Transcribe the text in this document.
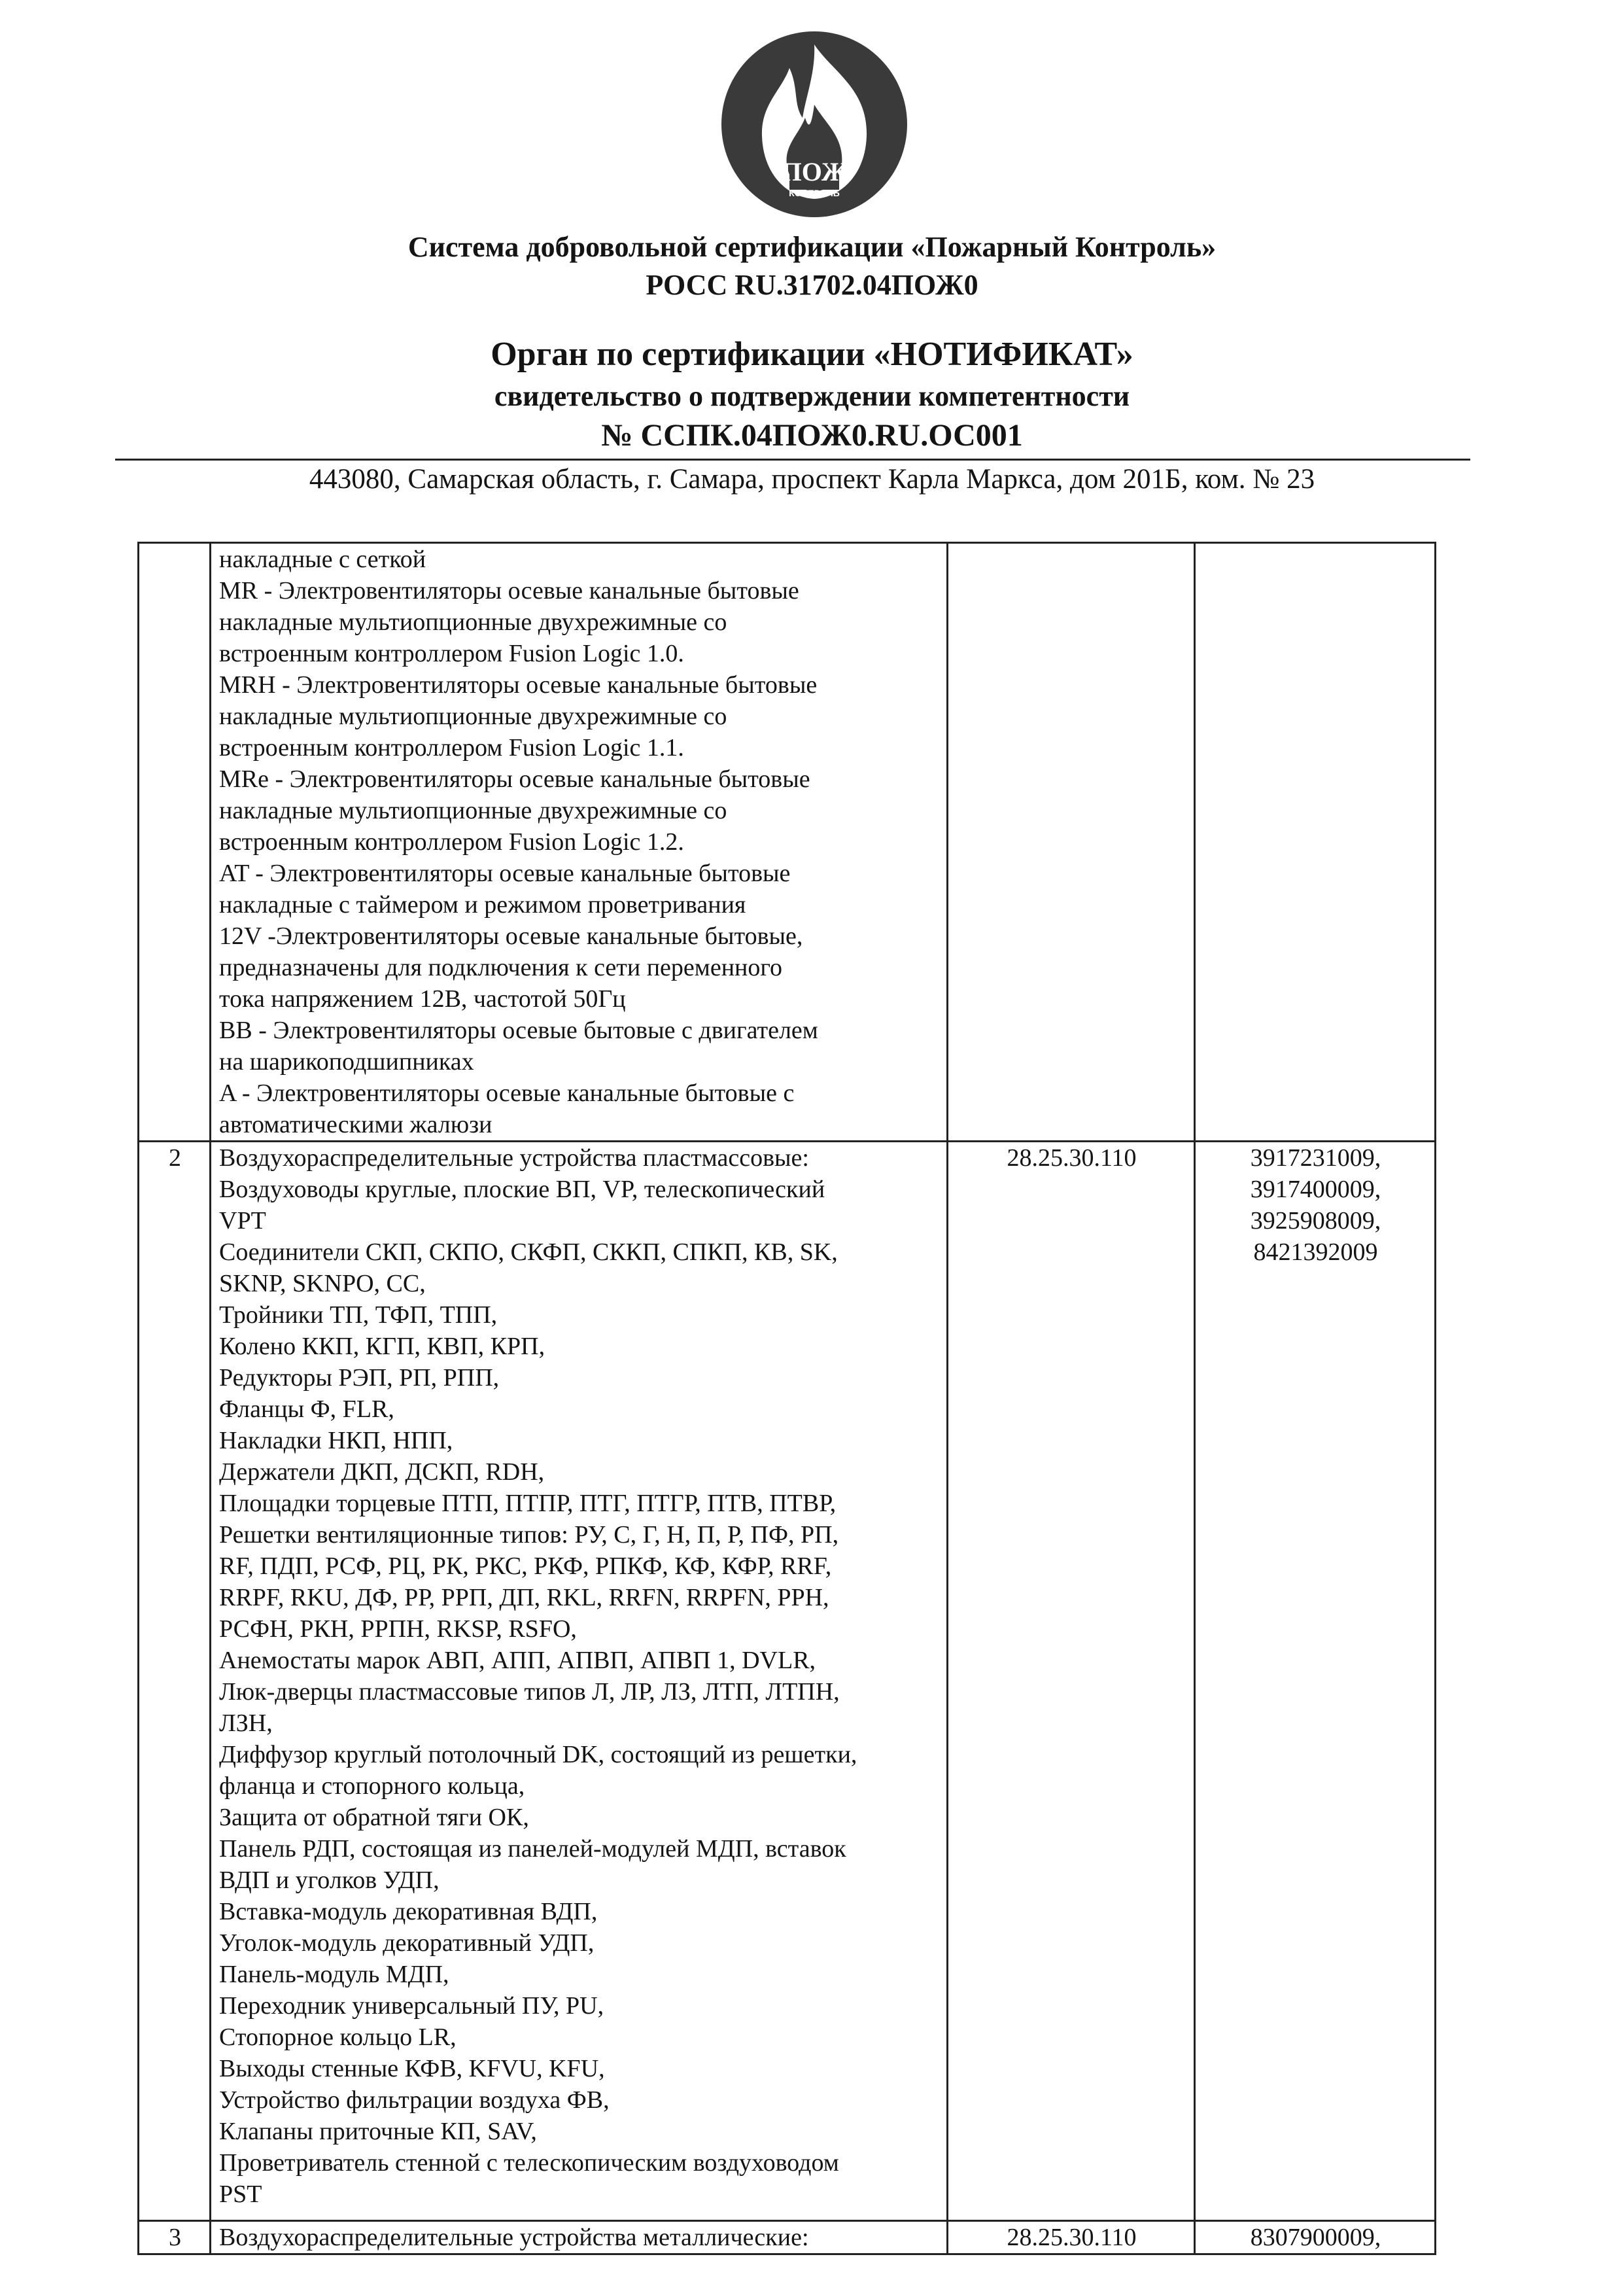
ПОЖ
КОНТРОЛЬ
Система добровольной сертификации «Пожарный Контроль»
РОСС RU.31702.04ПОЖ0
Орган по сертификации «НОТИФИКАТ»
свидетельство о подтверждении компетентности
№ ССПК.04ПОЖ0.RU.ОС001
443080, Самарская область, г. Самара, проспект Карла Маркса, дом 201Б, ком. № 23

накладные с сеткой
MR - Электровентиляторы осевые канальные бытовые
накладные мультиопционные двухрежимные со
встроенным контроллером Fusion Logic 1.0.
MRH - Электровентиляторы осевые канальные бытовые
накладные мультиопционные двухрежимные со
встроенным контроллером Fusion Logic 1.1.
MRe - Электровентиляторы осевые канальные бытовые
накладные мультиопционные двухрежимные со
встроенным контроллером Fusion Logic 1.2.
AT - Электровентиляторы осевые канальные бытовые
накладные с таймером и режимом проветривания
12V -Электровентиляторы осевые канальные бытовые,
предназначены для подключения к сети переменного
тока напряжением 12В, частотой 50Гц
BB - Электровентиляторы осевые бытовые с двигателем
на шарикоподшипниках
A - Электровентиляторы осевые канальные бытовые с
автоматическими жалюзи

2	Воздухораспределительные устройства пластмассовые:
Воздуховоды круглые, плоские ВП, VP, телескопический
VPT
Соединители СКП, СКПО, СКФП, СККП, СПКП, КВ, SK,
SKNP, SKNPO, CC,
Тройники ТП, ТФП, ТПП,
Колено ККП, КГП, КВП, КРП,
Редукторы РЭП, РП, РПП,
Фланцы Ф, FLR,
Накладки НКП, НПП,
Держатели ДКП, ДСКП, RDH,
Площадки торцевые ПТП, ПТПР, ПТГ, ПТГР, ПТВ, ПТВР,
Решетки вентиляционные типов: РУ, С, Г, Н, П, Р, ПФ, РП,
RF, ПДП, РСФ, РЦ, РК, РКС, РКФ, РПКФ, КФ, КФР, RRF,
RRPF, RKU, ДФ, РР, РРП, ДП, RKL, RRFN, RRPFN, РРН,
РСФН, РКН, РРПН, RKSP, RSFO,
Анемостаты марок АВП, АПП, АПВП, АПВП 1, DVLR,
Люк-дверцы пластмассовые типов Л, ЛР, ЛЗ, ЛТП, ЛТПН,
ЛЗН,
Диффузор круглый потолочный DK, состоящий из решетки,
фланца и стопорного кольца,
Защита от обратной тяги ОК,
Панель РДП, состоящая из панелей-модулей МДП, вставок
ВДП и уголков УДП,
Вставка-модуль декоративная ВДП,
Уголок-модуль декоративный УДП,
Панель-модуль МДП,
Переходник универсальный ПУ, PU,
Стопорное кольцо LR,
Выходы стенные КФВ, KFVU, KFU,
Устройство фильтрации воздуха ФВ,
Клапаны приточные КП, SAV,
Проветриватель стенной с телескопическим воздуховодом
PST
	28.25.30.110	3917231009,
3917400009,
3925908009,
8421392009

3	Воздухораспределительные устройства металлические:	28.25.30.110	8307900009,
